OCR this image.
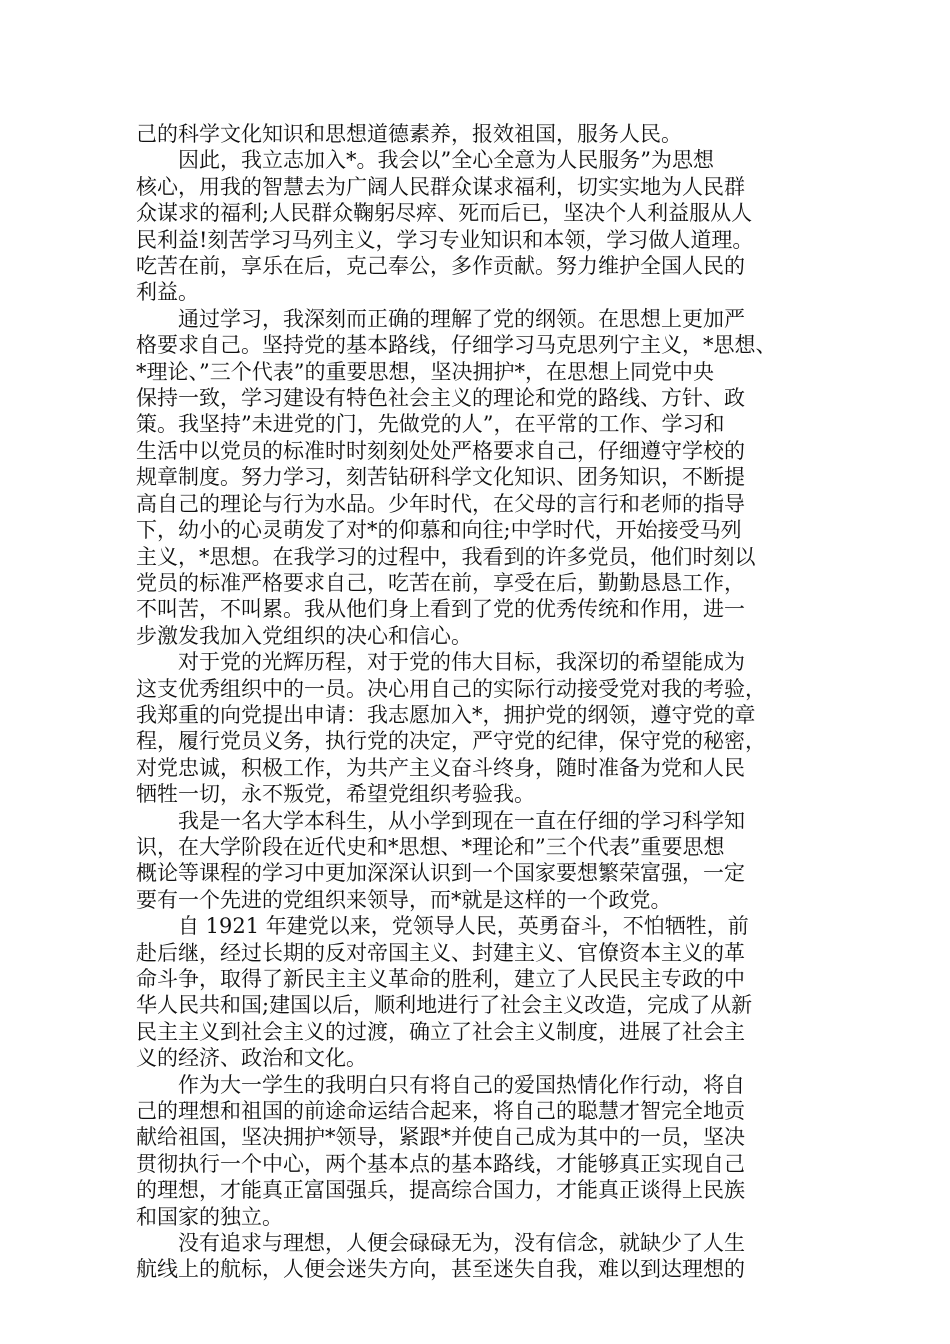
己的科学文化知识和思想道德素养，报效祖国，服务人民。

　　因此，我立志加入*。我会以”全心全意为人民服务”为思想
核心，用我的智慧去为广阔人民群众谋求福利，切实实地为人民群
众谋求的福利;人民群众鞠躬尽瘁、死而后已，坚决个人利益服从人
民利益!刻苦学习马列主义，学习专业知识和本领，学习做人道理。
吃苦在前，享乐在后，克己奉公，多作贡献。努力维护全国人民的
利益。

　　通过学习，我深刻而正确的理解了党的纲领。在思想上更加严
格要求自己。坚持党的基本路线，仔细学习马克思列宁主义，*思想、
*理论、”三个代表”的重要思想，坚决拥护*，在思想上同党中央
保持一致，学习建设有特色社会主义的理论和党的路线、方针、政
策。我坚持”未进党的门，先做党的人”，在平常的工作、学习和
生活中以党员的标准时时刻刻处处严格要求自己，仔细遵守学校的
规章制度。努力学习，刻苦钻研科学文化知识、团务知识，不断提
高自己的理论与行为水品。少年时代，在父母的言行和老师的指导
下，幼小的心灵萌发了对*的仰慕和向往;中学时代，开始接受马列
主义，*思想。在我学习的过程中，我看到的许多党员，他们时刻以
党员的标准严格要求自己，吃苦在前，享受在后，勤勤恳恳工作，
不叫苦，不叫累。我从他们身上看到了党的优秀传统和作用，进一
步激发我加入党组织的决心和信心。

　　对于党的光辉历程，对于党的伟大目标，我深切的希望能成为
这支优秀组织中的一员。决心用自己的实际行动接受党对我的考验，
我郑重的向党提出申请：我志愿加入*，拥护党的纲领，遵守党的章
程，履行党员义务，执行党的决定，严守党的纪律，保守党的秘密，
对党忠诚，积极工作，为共产主义奋斗终身，随时准备为党和人民
牺牲一切，永不叛党，希望党组织考验我。

　　我是一名大学本科生，从小学到现在一直在仔细的学习科学知
识，在大学阶段在近代史和*思想、*理论和”三个代表”重要思想
概论等课程的学习中更加深深认识到一个国家要想繁荣富强，一定
要有一个先进的党组织来领导，而*就是这样的一个政党。

　　自 1921 年建党以来，党领导人民，英勇奋斗，不怕牺牲，前
赴后继，经过长期的反对帝国主义、封建主义、官僚资本主义的革
命斗争，取得了新民主主义革命的胜利，建立了人民民主专政的中
华人民共和国;建国以后，顺利地进行了社会主义改造，完成了从新
民主主义到社会主义的过渡，确立了社会主义制度，进展了社会主
义的经济、政治和文化。

　　作为大一学生的我明白只有将自己的爱国热情化作行动，将自
己的理想和祖国的前途命运结合起来，将自己的聪慧才智完全地贡
献给祖国，坚决拥护*领导，紧跟*并使自己成为其中的一员，坚决
贯彻执行一个中心，两个基本点的基本路线，才能够真正实现自己
的理想，才能真正富国强兵，提高综合国力，才能真正谈得上民族
和国家的独立。

　　没有追求与理想，人便会碌碌无为，没有信念，就缺少了人生
航线上的航标，人便会迷失方向，甚至迷失自我，难以到达理想的
